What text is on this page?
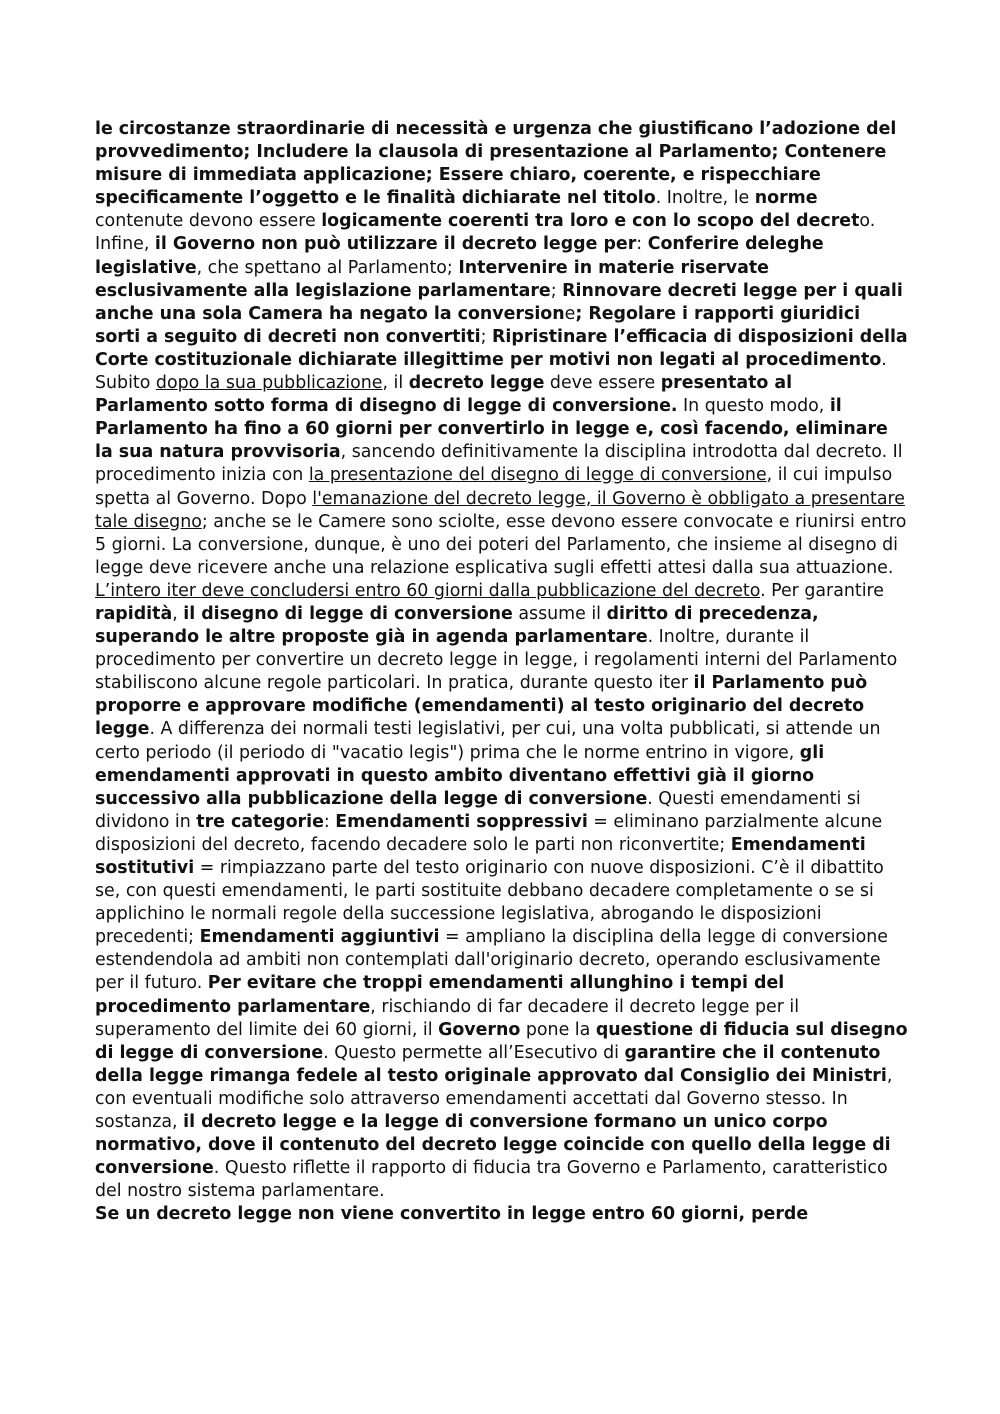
le circostanze straordinarie di necessità e urgenza che giustificano l’adozione del provvedimento; Includere la clausola di presentazione al Parlamento; Contenere misure di immediata applicazione; Essere chiaro, coerente, e rispecchiare specificamente l’oggetto e le finalità dichiarate nel titolo. Inoltre, le norme contenute devono essere logicamente coerenti tra loro e con lo scopo del decreto. Infine, il Governo non può utilizzare il decreto legge per: Conferire deleghe legislative, che spettano al Parlamento; Intervenire in materie riservate esclusivamente alla legislazione parlamentare; Rinnovare decreti legge per i quali anche una sola Camera ha negato la conversione; Regolare i rapporti giuridici sorti a seguito di decreti non convertiti; Ripristinare l’efficacia di disposizioni della Corte costituzionale dichiarate illegittime per motivi non legati al procedimento. Subito dopo la sua pubblicazione, il decreto legge deve essere presentato al Parlamento sotto forma di disegno di legge di conversione. In questo modo, il Parlamento ha fino a 60 giorni per convertirlo in legge e, così facendo, eliminare la sua natura provvisoria, sancendo definitivamente la disciplina introdotta dal decreto. Il procedimento inizia con la presentazione del disegno di legge di conversione, il cui impulso spetta al Governo. Dopo l'emanazione del decreto legge, il Governo è obbligato a presentare tale disegno; anche se le Camere sono sciolte, esse devono essere convocate e riunirsi entro 5 giorni. La conversione, dunque, è uno dei poteri del Parlamento, che insieme al disegno di legge deve ricevere anche una relazione esplicativa sugli effetti attesi dalla sua attuazione. L’intero iter deve concludersi entro 60 giorni dalla pubblicazione del decreto. Per garantire rapidità, il disegno di legge di conversione assume il diritto di precedenza, superando le altre proposte già in agenda parlamentare. Inoltre, durante il procedimento per convertire un decreto legge in legge, i regolamenti interni del Parlamento stabiliscono alcune regole particolari. In pratica, durante questo iter il Parlamento può proporre e approvare modifiche (emendamenti) al testo originario del decreto legge. A differenza dei normali testi legislativi, per cui, una volta pubblicati, si attende un certo periodo (il periodo di "vacatio legis") prima che le norme entrino in vigore, gli emendamenti approvati in questo ambito diventano effettivi già il giorno successivo alla pubblicazione della legge di conversione. Questi emendamenti si dividono in tre categorie: Emendamenti soppressivi = eliminano parzialmente alcune disposizioni del decreto, facendo decadere solo le parti non riconvertite; Emendamenti sostitutivi = rimpiazzano parte del testo originario con nuove disposizioni. C’è il dibattito se, con questi emendamenti, le parti sostituite debbano decadere completamente o se si applichino le normali regole della successione legislativa, abrogando le disposizioni precedenti; Emendamenti aggiuntivi = ampliano la disciplina della legge di conversione estendendola ad ambiti non contemplati dall'originario decreto, operando esclusivamente per il futuro. Per evitare che troppi emendamenti allunghino i tempi del procedimento parlamentare, rischiando di far decadere il decreto legge per il superamento del limite dei 60 giorni, il Governo pone la questione di fiducia sul disegno di legge di conversione. Questo permette all’Esecutivo di garantire che il contenuto della legge rimanga fedele al testo originale approvato dal Consiglio dei Ministri, con eventuali modifiche solo attraverso emendamenti accettati dal Governo stesso. In sostanza, il decreto legge e la legge di conversione formano un unico corpo normativo, dove il contenuto del decreto legge coincide con quello della legge di conversione. Questo riflette il rapporto di fiducia tra Governo e Parlamento, caratteristico del nostro sistema parlamentare.

Se un decreto legge non viene convertito in legge entro 60 giorni, perde
